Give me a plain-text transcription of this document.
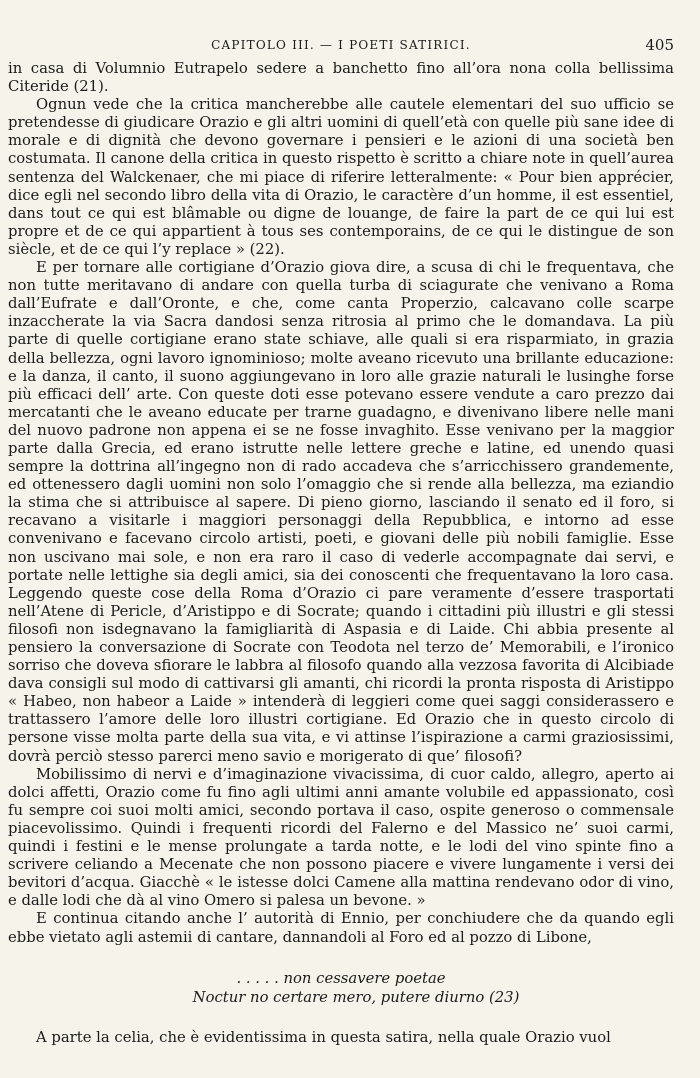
CAPITOLO III. — I POETI SATIRICI.	405

in casa di Volumnio Eutrapelo sedere a banchetto fino all’ora nona colla bellissima Citeride (21).

Ognun vede che la critica mancherebbe alle cautele elementari del suo ufficio se pretendesse di giudicare Orazio e gli altri uomini di quell’età con quelle più sane idee di morale e di dignità che devono governare i pensieri e le azioni di una società ben costumata. Il canone della critica in questo rispetto è scritto a chiare note in quell’aurea sentenza del Walckenaer, che mi piace di riferire letteralmente: « Pour bien apprécier, dice egli nel secondo libro della vita di Orazio, le caractère d’un homme, il est essentiel, dans tout ce qui est blâmable ou digne de louange, de faire la part de ce qui lui est propre et de ce qui appartient à tous ses contemporains, de ce qui le distingue de son siècle, et de ce qui l’y replace » (22).

E per tornare alle cortigiane d’Orazio giova dire, a scusa di chi le frequentava, che non tutte meritavano di andare con quella turba di sciagurate che venivano a Roma dall’Eufrate e dall’Oronte, e che, come canta Properzio, calcavano colle scarpe inzaccherate la via Sacra dandosi senza ritrosia al primo che le domandava. La più parte di quelle cortigiane erano state schiave, alle quali si era risparmiato, in grazia della bellezza, ogni lavoro ignominioso; molte aveano ricevuto una brillante educazione: e la danza, il canto, il suono aggiungevano in loro alle grazie naturali le lusinghe forse più efficaci dell’ arte. Con queste doti esse potevano essere vendute a caro prezzo dai mercatanti che le aveano educate per trarne guadagno, e divenivano libere nelle mani del nuovo padrone non appena ei se ne fosse invaghito. Esse venivano per la maggior parte dalla Grecia, ed erano istrutte nelle lettere greche e latine, ed unendo quasi sempre la dottrina all’ingegno non di rado accadeva che s’arricchissero grandemente, ed ottenessero dagli uomini non solo l’omaggio che si rende alla bellezza, ma eziandio la stima che si attribuisce al sapere. Di pieno giorno, lasciando il senato ed il foro, si recavano a visitarle i maggiori personaggi della Repubblica, e intorno ad esse convenivano e facevano circolo artisti, poeti, e giovani delle più nobili famiglie. Esse non uscivano mai sole, e non era raro il caso di vederle accompagnate dai servi, e portate nelle lettighe sia degli amici, sia dei conoscenti che frequentavano la loro casa. Leggendo queste cose della Roma d’Orazio ci pare veramente d’essere trasportati nell’Atene di Pericle, d’Aristippo e di Socrate; quando i cittadini più illustri e gli stessi filosofi non isdegnavano la famigliarità di Aspasia e di Laide. Chi abbia presente al pensiero la conversazione di Socrate con Teodota nel terzo de’ Memorabili, e l’ironico sorriso che doveva sfiorare le labbra al filosofo quando alla vezzosa favorita di Alcibiade dava consigli sul modo di cattivarsi gli amanti, chi ricordi la pronta risposta di Aristippo « Habeo, non habeor a Laide » intenderà di leggieri come quei saggi considerassero e trattassero l’amore delle loro illustri cortigiane. Ed Orazio che in questo circolo di persone visse molta parte della sua vita, e vi attinse l’ispirazione a carmi graziosissimi, dovrà perciò stesso parerci meno savio e morigerato di que’ filosofi?

Mobilissimo di nervi e d’imaginazione vivacissima, di cuor caldo, allegro, aperto ai dolci affetti, Orazio come fu fino agli ultimi anni amante volubile ed appassionato, così fu sempre coi suoi molti amici, secondo portava il caso, ospite generoso o commensale piacevolissimo. Quindi i frequenti ricordi del Falerno e del Massico ne’ suoi carmi, quindi i festini e le mense prolungate a tarda notte, e le lodi del vino spinte fino a scrivere celiando a Mecenate che non possono piacere e vivere lungamente i versi dei bevitori d’acqua. Giacchè « le istesse dolci Camene alla mattina rendevano odor di vino, e dalle lodi che dà al vino Omero si palesa un bevone. »

E continua citando anche l’ autorità di Ennio, per conchiudere che da quando egli ebbe vietato agli astemii di cantare, dannandoli al Foro ed al pozzo di Libone,

. . . . . non cessavere poetae
Noctur no certare mero, putere diurno (23)

A parte la celia, che è evidentissima in questa satira, nella quale Orazio vuol
